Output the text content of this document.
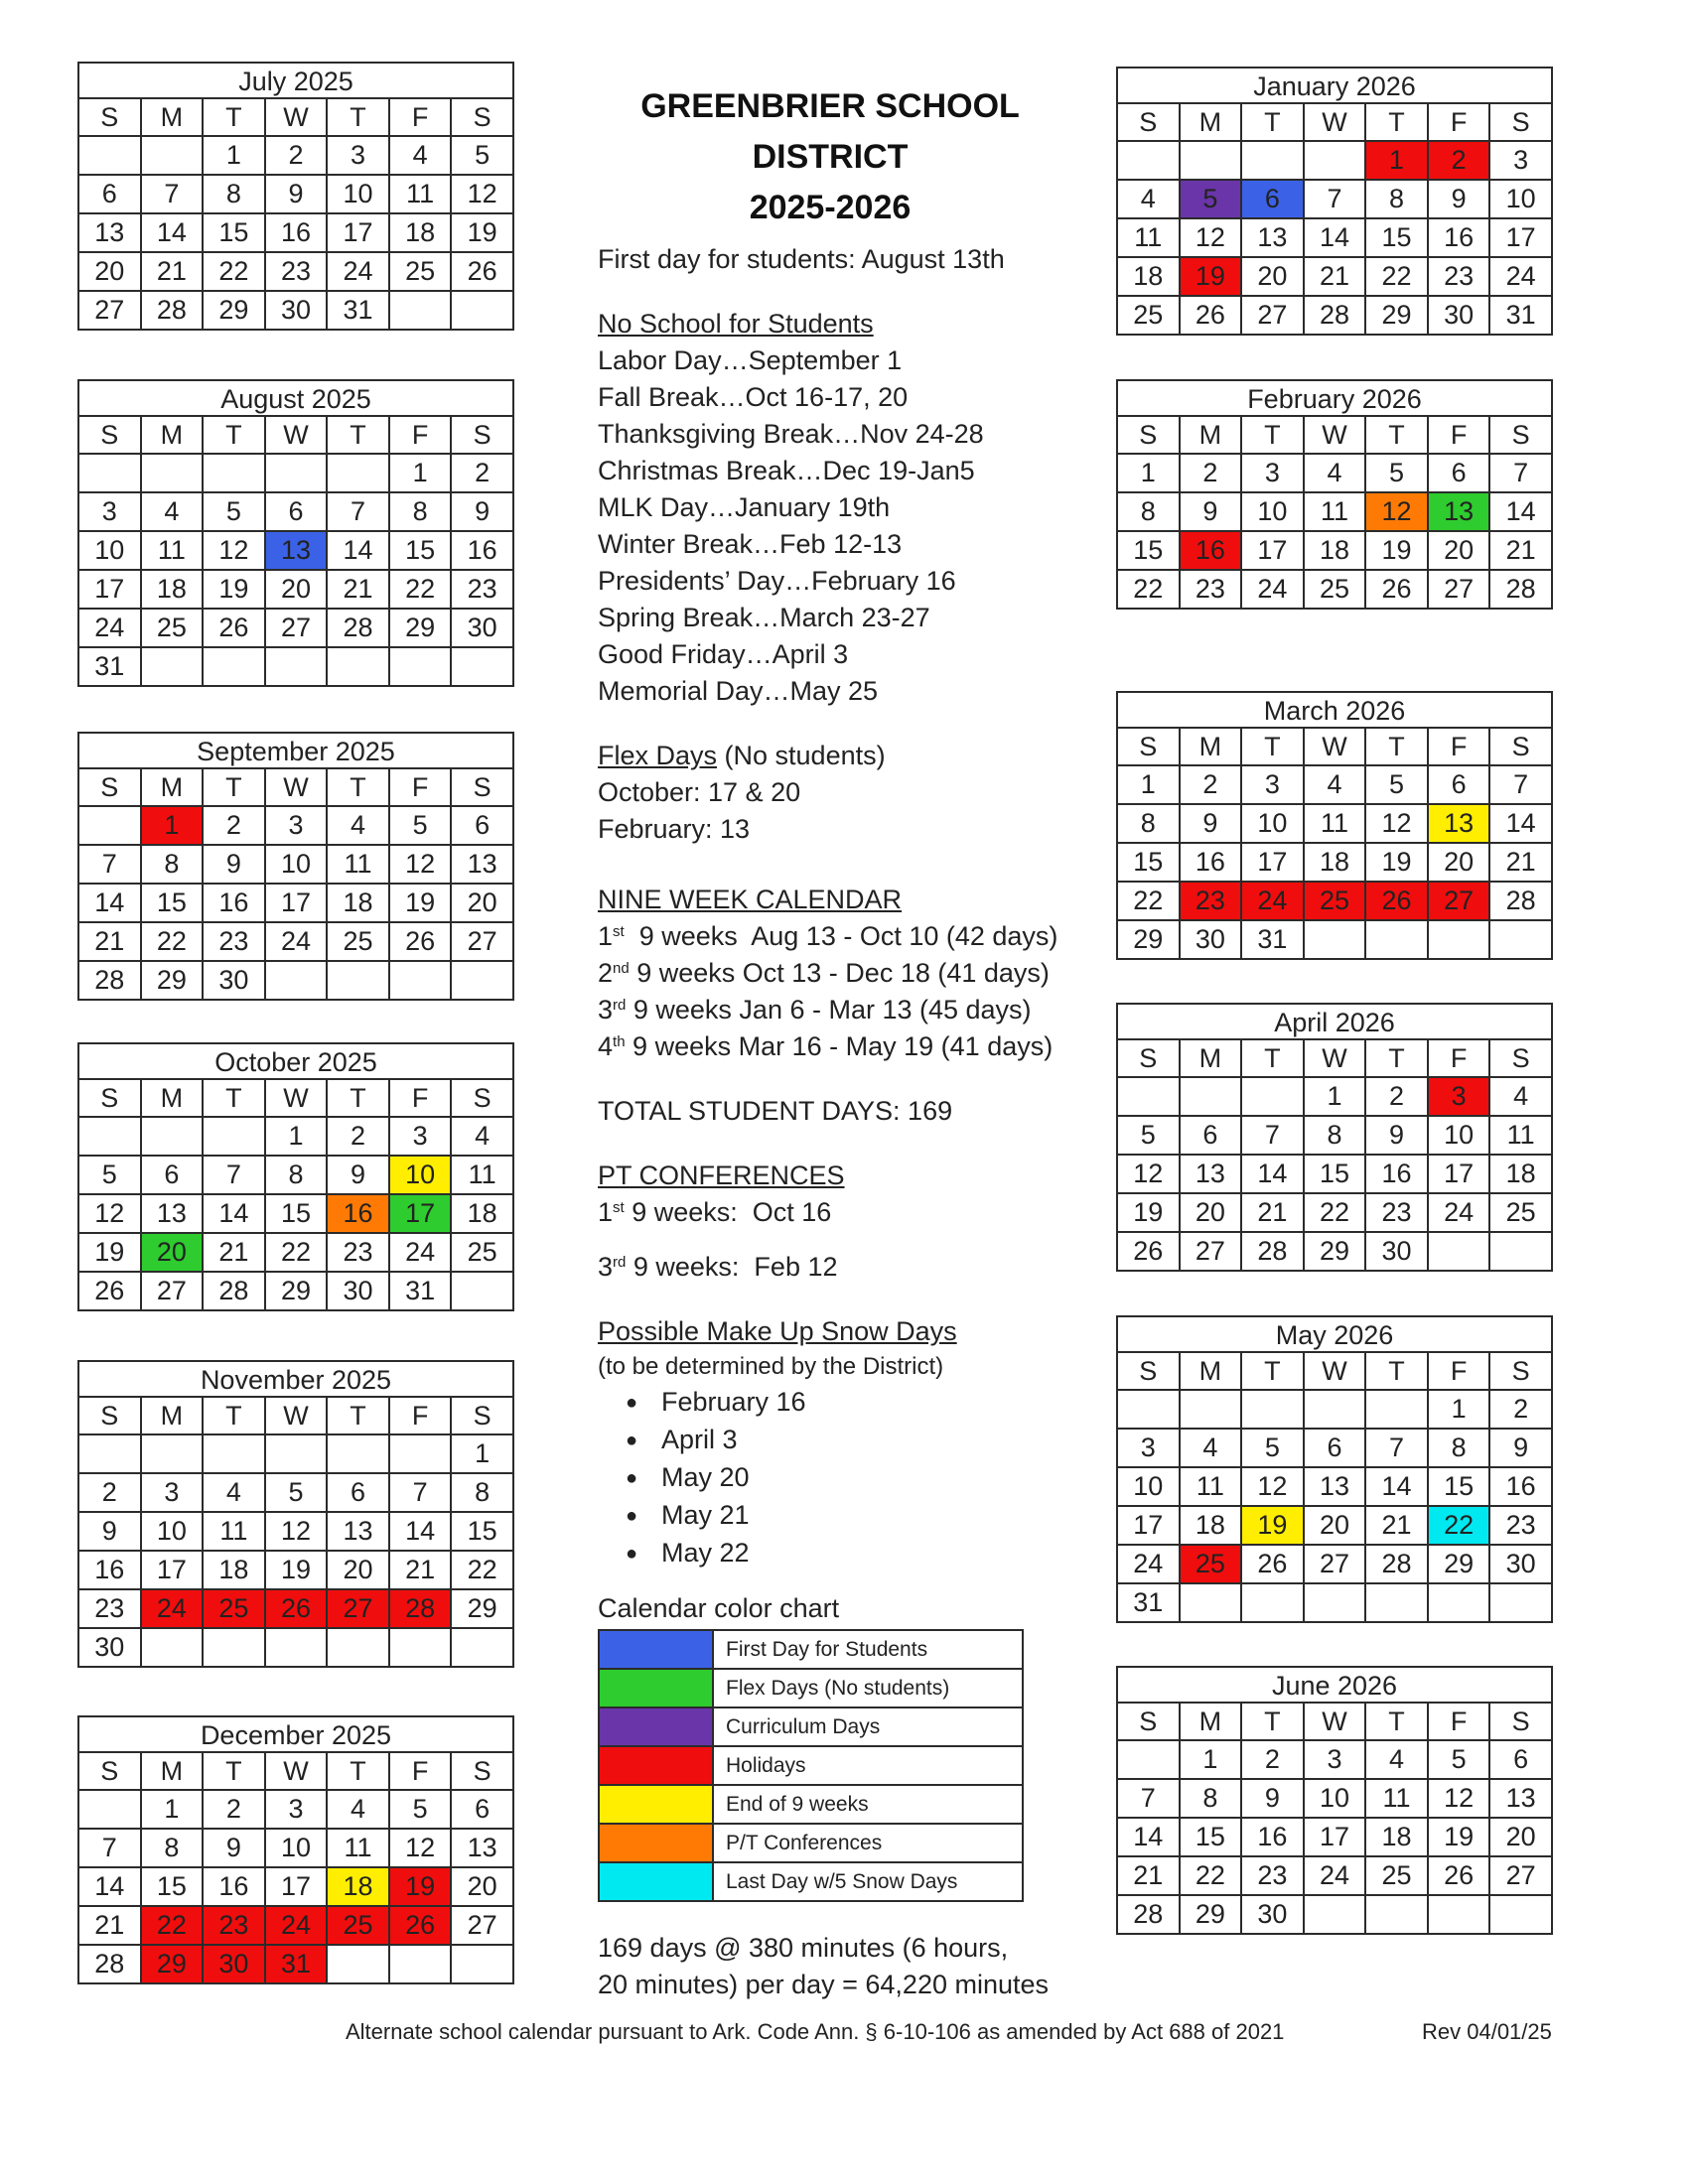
July 2025
S	M	T	W	T	F	S
		1	2	3	4	5
6	7	8	9	10	11	12
13	14	15	16	17	18	19
20	21	22	23	24	25	26
27	28	29	30	31		
August 2025
S	M	T	W	T	F	S
					1	2
3	4	5	6	7	8	9
10	11	12	13	14	15	16
17	18	19	20	21	22	23
24	25	26	27	28	29	30
31						
September 2025
S	M	T	W	T	F	S
	1	2	3	4	5	6
7	8	9	10	11	12	13
14	15	16	17	18	19	20
21	22	23	24	25	26	27
28	29	30				
October 2025
S	M	T	W	T	F	S
			1	2	3	4
5	6	7	8	9	10	11
12	13	14	15	16	17	18
19	20	21	22	23	24	25
26	27	28	29	30	31	
November 2025
S	M	T	W	T	F	S
						1
2	3	4	5	6	7	8
9	10	11	12	13	14	15
16	17	18	19	20	21	22
23	24	25	26	27	28	29
30						
December 2025
S	M	T	W	T	F	S
	1	2	3	4	5	6
7	8	9	10	11	12	13
14	15	16	17	18	19	20
21	22	23	24	25	26	27
28	29	30	31			
January 2026
S	M	T	W	T	F	S
				1	2	3
4	5	6	7	8	9	10
11	12	13	14	15	16	17
18	19	20	21	22	23	24
25	26	27	28	29	30	31
February 2026
S	M	T	W	T	F	S
1	2	3	4	5	6	7
8	9	10	11	12	13	14
15	16	17	18	19	20	21
22	23	24	25	26	27	28
March 2026
S	M	T	W	T	F	S
1	2	3	4	5	6	7
8	9	10	11	12	13	14
15	16	17	18	19	20	21
22	23	24	25	26	27	28
29	30	31				
April 2026
S	M	T	W	T	F	S
			1	2	3	4
5	6	7	8	9	10	11
12	13	14	15	16	17	18
19	20	21	22	23	24	25
26	27	28	29	30		
May 2026
S	M	T	W	T	F	S
					1	2
3	4	5	6	7	8	9
10	11	12	13	14	15	16
17	18	19	20	21	22	23
24	25	26	27	28	29	30
31						
June 2026
S	M	T	W	T	F	S
	1	2	3	4	5	6
7	8	9	10	11	12	13
14	15	16	17	18	19	20
21	22	23	24	25	26	27
28	29	30				
GREENBRIER SCHOOL
DISTRICT
2025-2026
First day for students: August 13th
No School for Students
Labor Day…September 1
Fall Break…Oct 16-17, 20
Thanksgiving Break…Nov 24-28
Christmas Break…Dec 19-Jan5
MLK Day…January 19th
Winter Break…Feb 12-13
Presidents’ Day…February 16
Spring Break…March 23-27
Good Friday…April 3
Memorial Day…May 25
Flex Days (No students)
October: 17 & 20
February: 13
NINE WEEK CALENDAR
1st  9 weeks  Aug 13 - Oct 10 (42 days)
2nd 9 weeks Oct 13 - Dec 18 (41 days)
3rd 9 weeks Jan 6 - Mar 13 (45 days)
4th 9 weeks Mar 16 - May 19 (41 days)
TOTAL STUDENT DAYS: 169
PT CONFERENCES
1st 9 weeks:  Oct 16
3rd 9 weeks:  Feb 12
Possible Make Up Snow Days
(to be determined by the District)
● February 16
● April 3
● May 20
● May 21
● May 22
Calendar color chart
	First Day for Students
	Flex Days (No students)
	Curriculum Days
	Holidays
	End of 9 weeks
	P/T Conferences
	Last Day w/5 Snow Days
169 days @ 380 minutes (6 hours,
20 minutes) per day = 64,220 minutes
Alternate school calendar pursuant to Ark. Code Ann. § 6-10-106 as amended by Act 688 of 2021	Rev 04/01/25
